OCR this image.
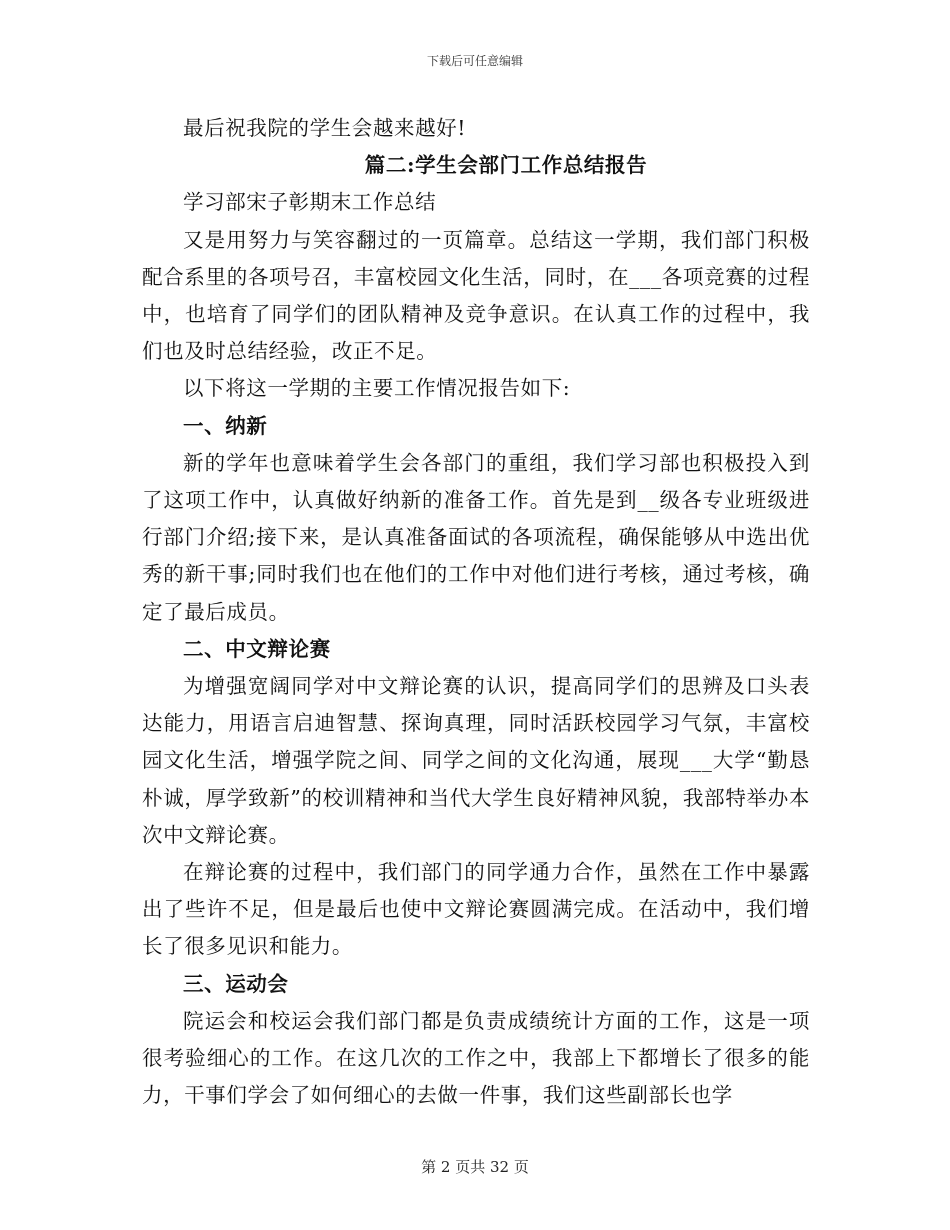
下载后可任意编辑

最后祝我院的学生会越来越好!

篇二:学生会部门工作总结报告

学习部宋子彰期末工作总结

又是用努力与笑容翻过的一页篇章。总结这一学期，我们部门积极配合系里的各项号召，丰富校园文化生活，同时，在___各项竞赛的过程中，也培育了同学们的团队精神及竞争意识。在认真工作的过程中，我们也及时总结经验，改正不足。

以下将这一学期的主要工作情况报告如下:

一、纳新

新的学年也意味着学生会各部门的重组，我们学习部也积极投入到了这项工作中，认真做好纳新的准备工作。首先是到__级各专业班级进行部门介绍;接下来，是认真准备面试的各项流程，确保能够从中选出优秀的新干事;同时我们也在他们的工作中对他们进行考核，通过考核，确定了最后成员。

二、中文辩论赛

为增强宽阔同学对中文辩论赛的认识，提高同学们的思辨及口头表达能力，用语言启迪智慧、探询真理，同时活跃校园学习气氛，丰富校园文化生活，增强学院之间、同学之间的文化沟通，展现___大学“勤恳朴诚，厚学致新”的校训精神和当代大学生良好精神风貌，我部特举办本次中文辩论赛。

在辩论赛的过程中，我们部门的同学通力合作，虽然在工作中暴露出了些许不足，但是最后也使中文辩论赛圆满完成。在活动中，我们增长了很多见识和能力。

三、运动会

院运会和校运会我们部门都是负责成绩统计方面的工作，这是一项很考验细心的工作。在这几次的工作之中，我部上下都增长了很多的能力，干事们学会了如何细心的去做一件事，我们这些副部长也学

第 2 页共 32 页
